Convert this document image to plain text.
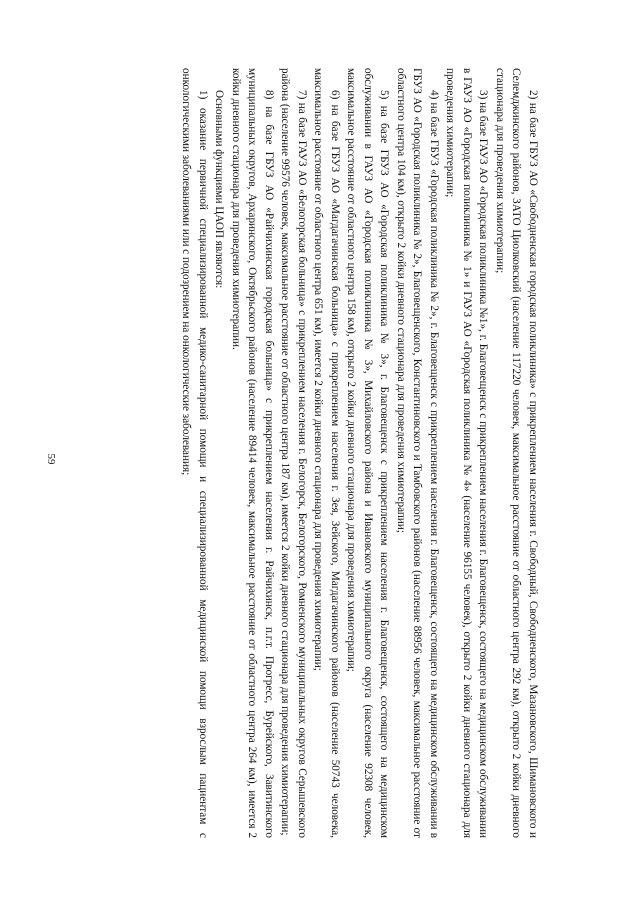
59	2) на базе ГБУЗ АО «Свободненская городская поликлиника» с прикреплением населения г. Свободный, Свободненского, Мазановского, Шимановского и Селемджинского районов, ЗАТО Циолковский (население 117220 человек, максимальное расстояние от областного центра 292 км), открыто 2 койки дневного стационара для проведения химиотерапии;

3) на базе ГАУЗ АО «Городская поликлиника №1», г. Благовещенск с прикреплением населения г. Благовещенск, состоящего на медицинском обслуживании в ГАУЗ АО «Городская поликлиника № 1» и ГАУЗ АО «Городская поликлиника № 4» (население 96155 человек), открыто 2 койки дневного стационара для проведения химиотерапии;

4) на базе ГБУЗ «Городская поликлиника № 2», г. Благовещенск с прикреплением населения г. Благовещенск, состоящего на медицинском обслуживании в ГБУЗ АО «Городская поликлиника № 2», Благовещенского, Константиновского и Тамбовского районов (население 88956 человек, максимальное расстояние от областного центра 104 км), открыто 2 койки дневного стационара для проведения химиотерапии;

5) на базе ГБУЗ АО «Городская поликлиника № 3», г. Благовещенск с прикреплением населения г. Благовещенск, состоящего на медицинском обслуживании в ГАУЗ АО «Городская поликлиника № 3», Михайловского района и Ивановского муниципального округа (население 92308 человек, максимальное расстояние от областного центра 158 км), открыто 2 койки дневного стационара для проведения химиотерапии;

6) на базе ГБУЗ АО «Магдагачинская больница» с прикреплением населения г. Зея, Зейского, Магдагачинского районов (население 50743 человека, максимальное расстояние от областного центра 651 км), имеется 2 койки дневного стационара для проведения химиотерапии;

7) на базе ГАУЗ АО «Белогорская больница» с прикреплением населения г. Белогорск, Белогорского, Ромненского муниципальных округов Серышевского района (население 99576 человек, максимальное расстояние от областного центра 187 км), имеется 2 койки дневного стационара для проведения химиотерапии;

8) на базе ГБУЗ АО «Райчихинская городская больница» с прикреплением населения г. Райчихинск, п.г.т. Прогресс, Бурейского, Завитинского муниципальных округов, Архаринского, Октябрьского районов (население 89414 человек, максимальное расстояние от областного центра 264 км), имеется 2 койки дневного стационара для проведения химиотерапии.

Основными функциями ЦАОП являются:

1) оказание первичной специализированной медико-санитарной помощи и специализированной медицинской помощи взрослым пациентам с онкологическими заболеваниями или с подозрением на онкологические заболевания;
